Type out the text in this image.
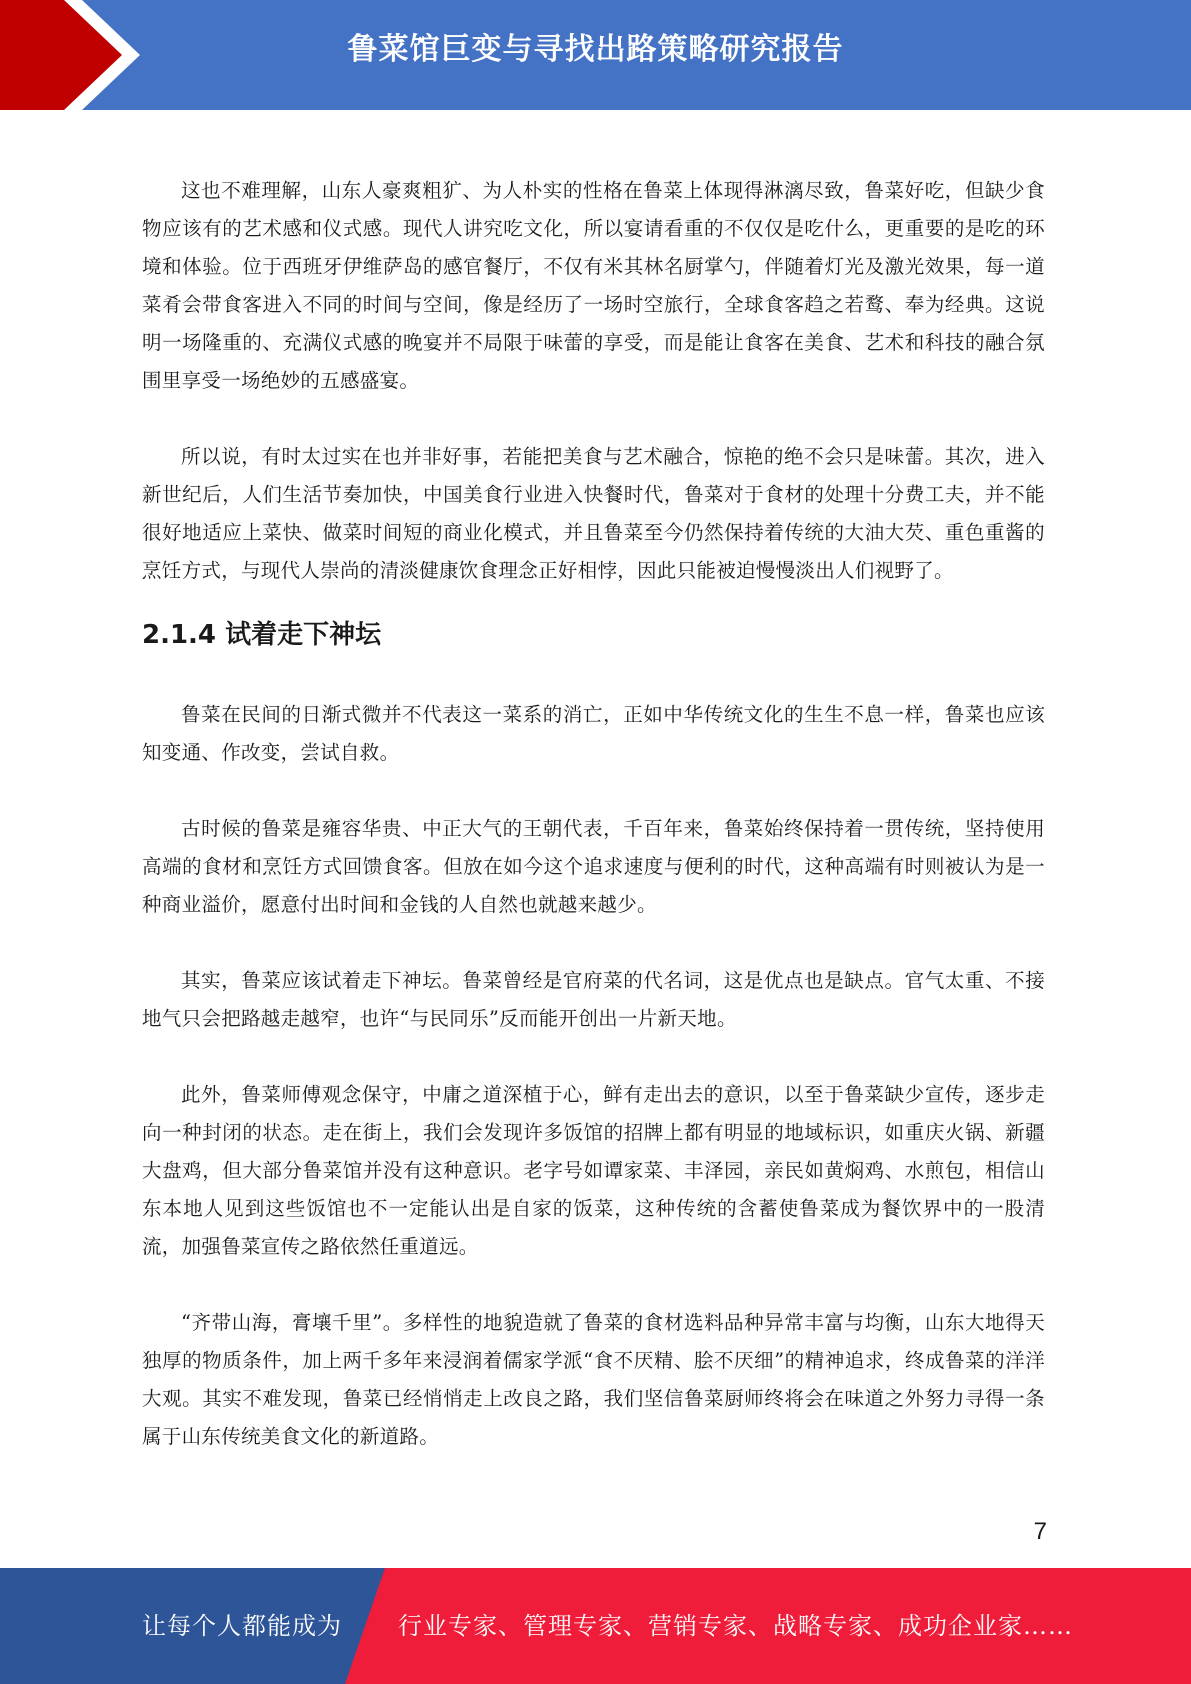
鲁菜馆巨变与寻找出路策略研究报告

这也不难理解，山东人豪爽粗犷、为人朴实的性格在鲁菜上体现得淋漓尽致，鲁菜好吃，但缺少食物应该有的艺术感和仪式感。现代人讲究吃文化，所以宴请看重的不仅仅是吃什么，更重要的是吃的环境和体验。位于西班牙伊维萨岛的感官餐厅，不仅有米其林名厨掌勺，伴随着灯光及激光效果，每一道菜肴会带食客进入不同的时间与空间，像是经历了一场时空旅行，全球食客趋之若鹜、奉为经典。这说明一场隆重的、充满仪式感的晚宴并不局限于味蕾的享受，而是能让食客在美食、艺术和科技的融合氛围里享受一场绝妙的五感盛宴。

所以说，有时太过实在也并非好事，若能把美食与艺术融合，惊艳的绝不会只是味蕾。其次，进入新世纪后，人们生活节奏加快，中国美食行业进入快餐时代，鲁菜对于食材的处理十分费工夫，并不能很好地适应上菜快、做菜时间短的商业化模式，并且鲁菜至今仍然保持着传统的大油大芡、重色重酱的烹饪方式，与现代人崇尚的清淡健康饮食理念正好相悖，因此只能被迫慢慢淡出人们视野了。

2.1.4 试着走下神坛

鲁菜在民间的日渐式微并不代表这一菜系的消亡，正如中华传统文化的生生不息一样，鲁菜也应该知变通、作改变，尝试自救。

古时候的鲁菜是雍容华贵、中正大气的王朝代表，千百年来，鲁菜始终保持着一贯传统，坚持使用高端的食材和烹饪方式回馈食客。但放在如今这个追求速度与便利的时代，这种高端有时则被认为是一种商业溢价，愿意付出时间和金钱的人自然也就越来越少。

其实，鲁菜应该试着走下神坛。鲁菜曾经是官府菜的代名词，这是优点也是缺点。官气太重、不接地气只会把路越走越窄，也许“与民同乐”反而能开创出一片新天地。

此外，鲁菜师傅观念保守，中庸之道深植于心，鲜有走出去的意识，以至于鲁菜缺少宣传，逐步走向一种封闭的状态。走在街上，我们会发现许多饭馆的招牌上都有明显的地域标识，如重庆火锅、新疆大盘鸡，但大部分鲁菜馆并没有这种意识。老字号如谭家菜、丰泽园，亲民如黄焖鸡、水煎包，相信山东本地人见到这些饭馆也不一定能认出是自家的饭菜，这种传统的含蓄使鲁菜成为餐饮界中的一股清流，加强鲁菜宣传之路依然任重道远。

“齐带山海，膏壤千里”。多样性的地貌造就了鲁菜的食材选料品种异常丰富与均衡，山东大地得天独厚的物质条件，加上两千多年来浸润着儒家学派“食不厌精、脍不厌细”的精神追求，终成鲁菜的洋洋大观。其实不难发现，鲁菜已经悄悄走上改良之路，我们坚信鲁菜厨师终将会在味道之外努力寻得一条属于山东传统美食文化的新道路。

7
让每个人都能成为 行业专家、管理专家、营销专家、战略专家、成功企业家……
